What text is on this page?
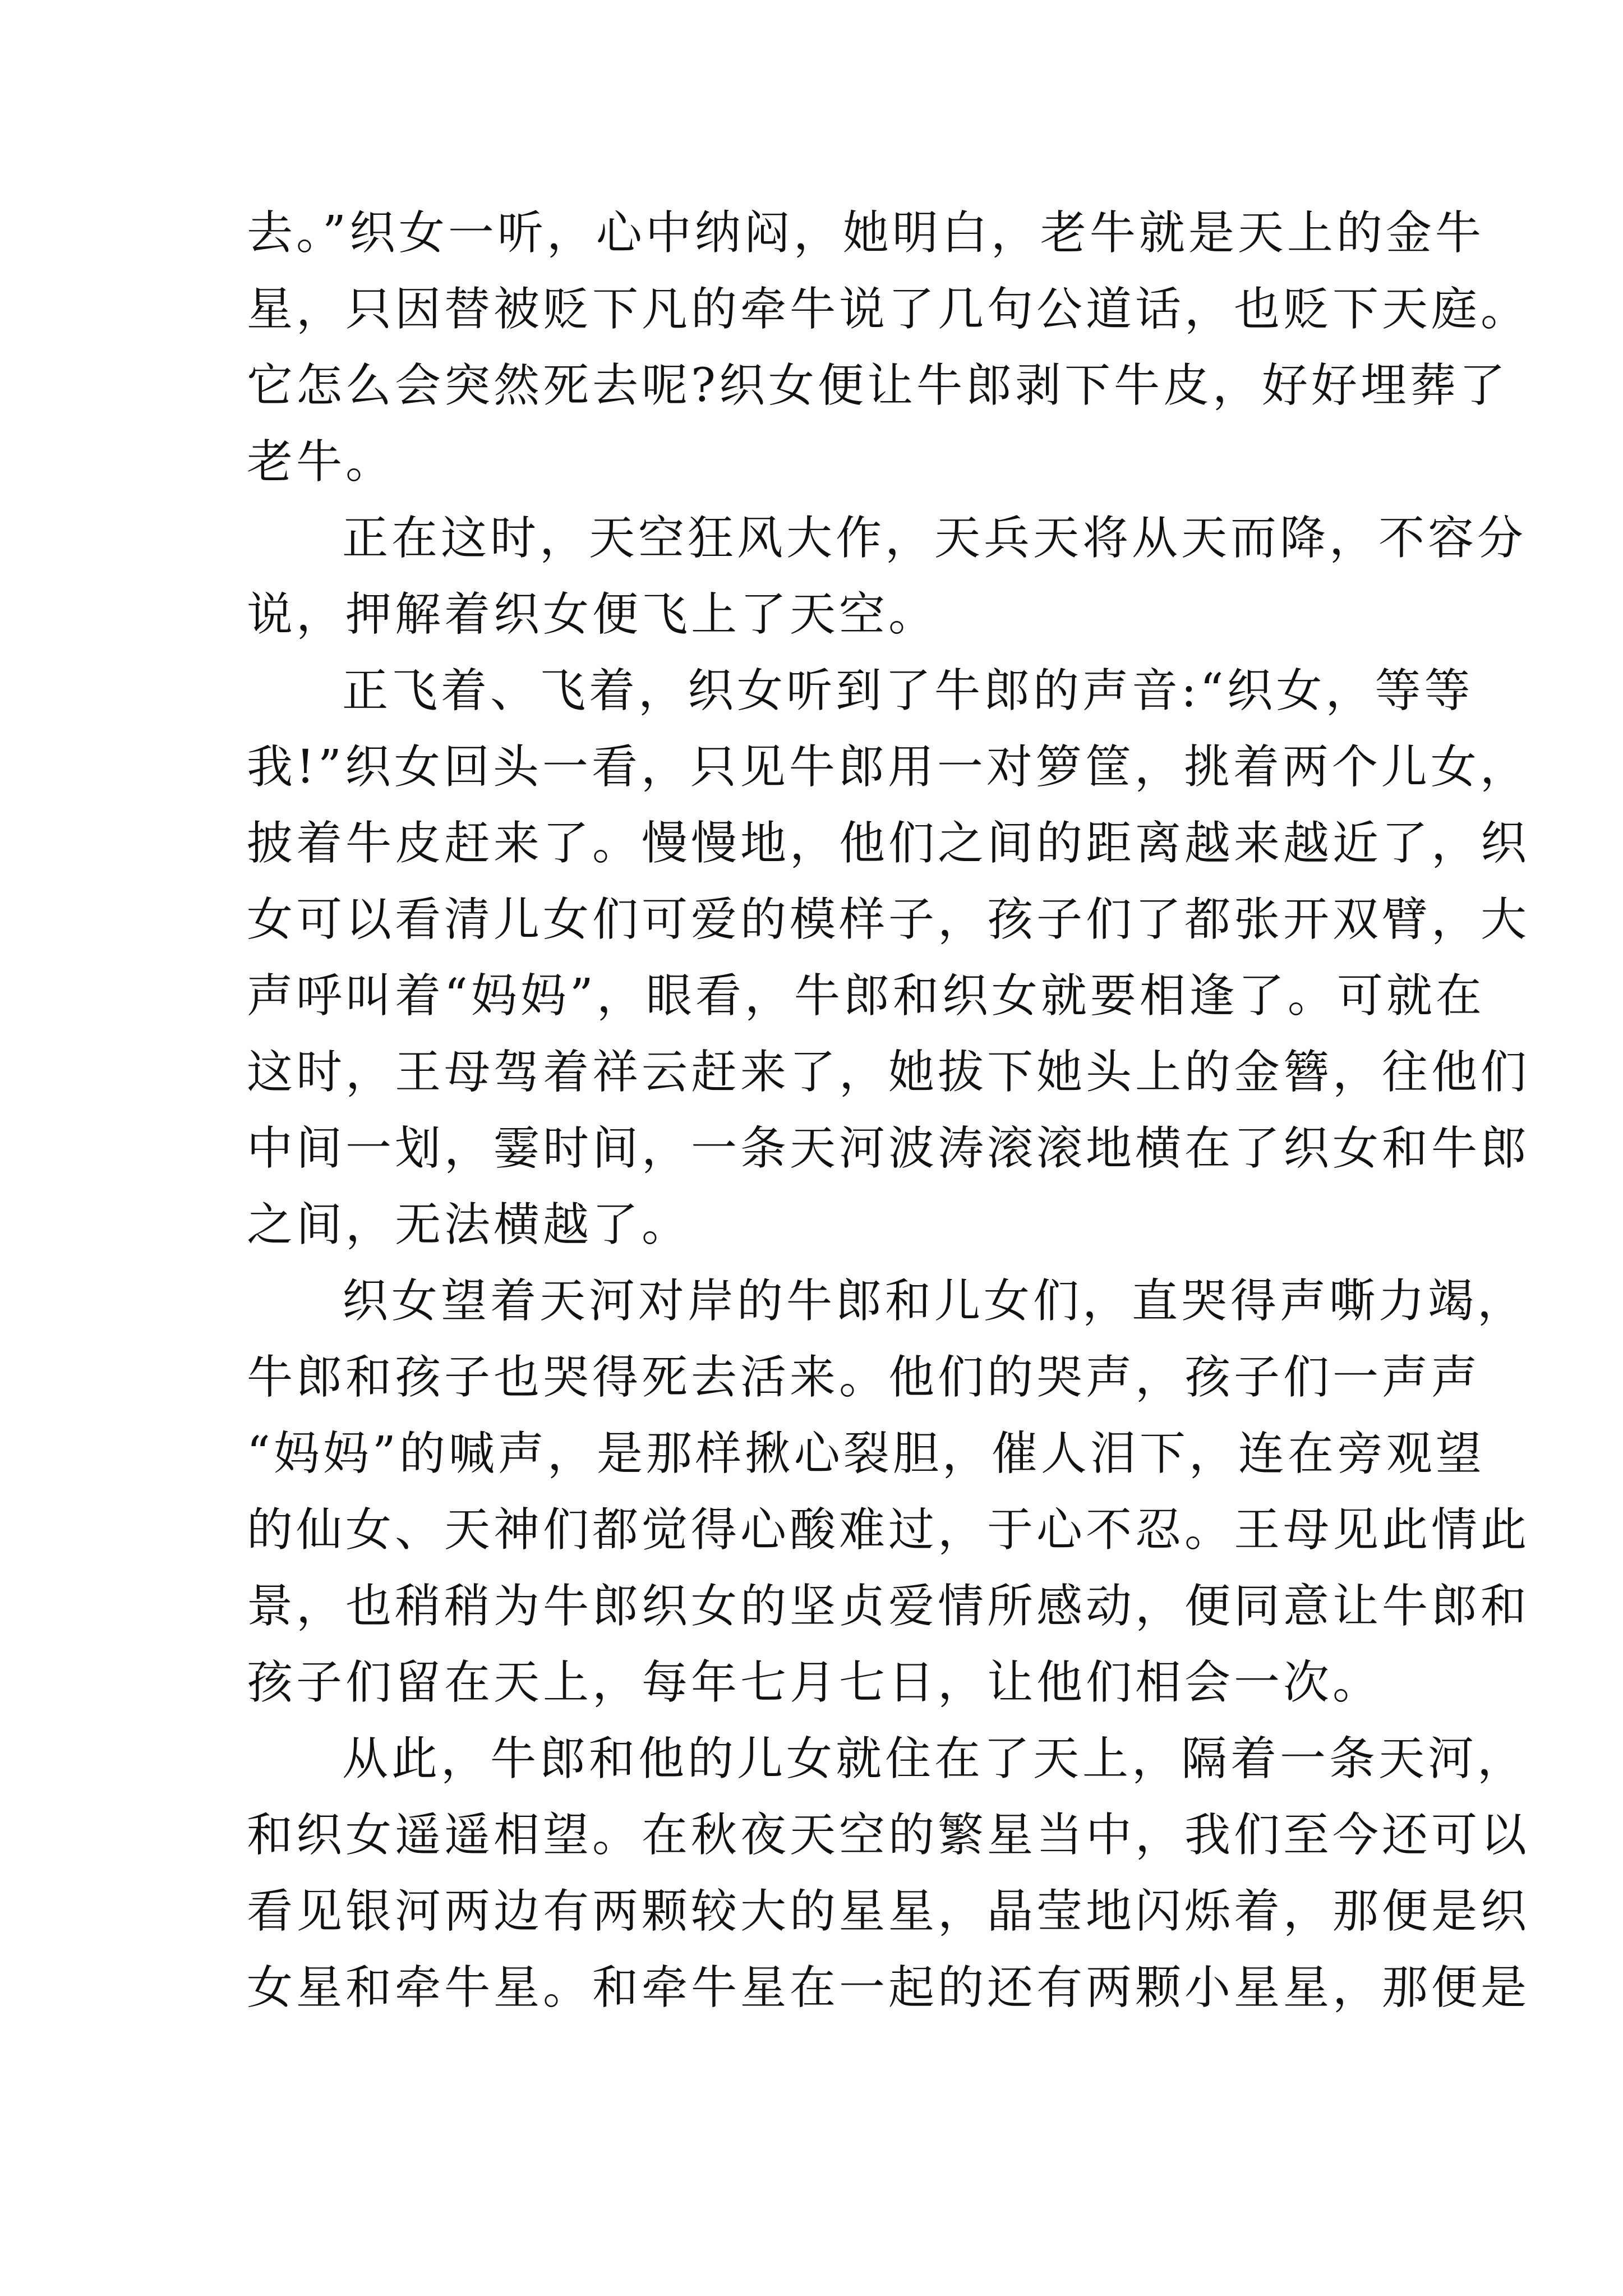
去。”织女一听，心中纳闷，她明白，老牛就是天上的金牛
星，只因替被贬下凡的牵牛说了几句公道话，也贬下天庭。
它怎么会突然死去呢?织女便让牛郎剥下牛皮，好好埋葬了
老牛。
正在这时，天空狂风大作，天兵天将从天而降，不容分
说，押解着织女便飞上了天空。
正飞着、飞着，织女听到了牛郎的声音:“织女，等等
我!”织女回头一看，只见牛郎用一对箩筐，挑着两个儿女，
披着牛皮赶来了。慢慢地，他们之间的距离越来越近了，织
女可以看清儿女们可爱的模样子，孩子们了都张开双臂，大
声呼叫着“妈妈”，眼看，牛郎和织女就要相逢了。可就在
这时，王母驾着祥云赶来了，她拔下她头上的金簪，往他们
中间一划，霎时间，一条天河波涛滚滚地横在了织女和牛郎
之间，无法横越了。
织女望着天河对岸的牛郎和儿女们，直哭得声嘶力竭，
牛郎和孩子也哭得死去活来。他们的哭声，孩子们一声声
“妈妈”的喊声，是那样揪心裂胆，催人泪下，连在旁观望
的仙女、天神们都觉得心酸难过，于心不忍。王母见此情此
景，也稍稍为牛郎织女的坚贞爱情所感动，便同意让牛郎和
孩子们留在天上，每年七月七日，让他们相会一次。
从此，牛郎和他的儿女就住在了天上，隔着一条天河，
和织女遥遥相望。在秋夜天空的繁星当中，我们至今还可以
看见银河两边有两颗较大的星星，晶莹地闪烁着，那便是织
女星和牵牛星。和牵牛星在一起的还有两颗小星星，那便是
